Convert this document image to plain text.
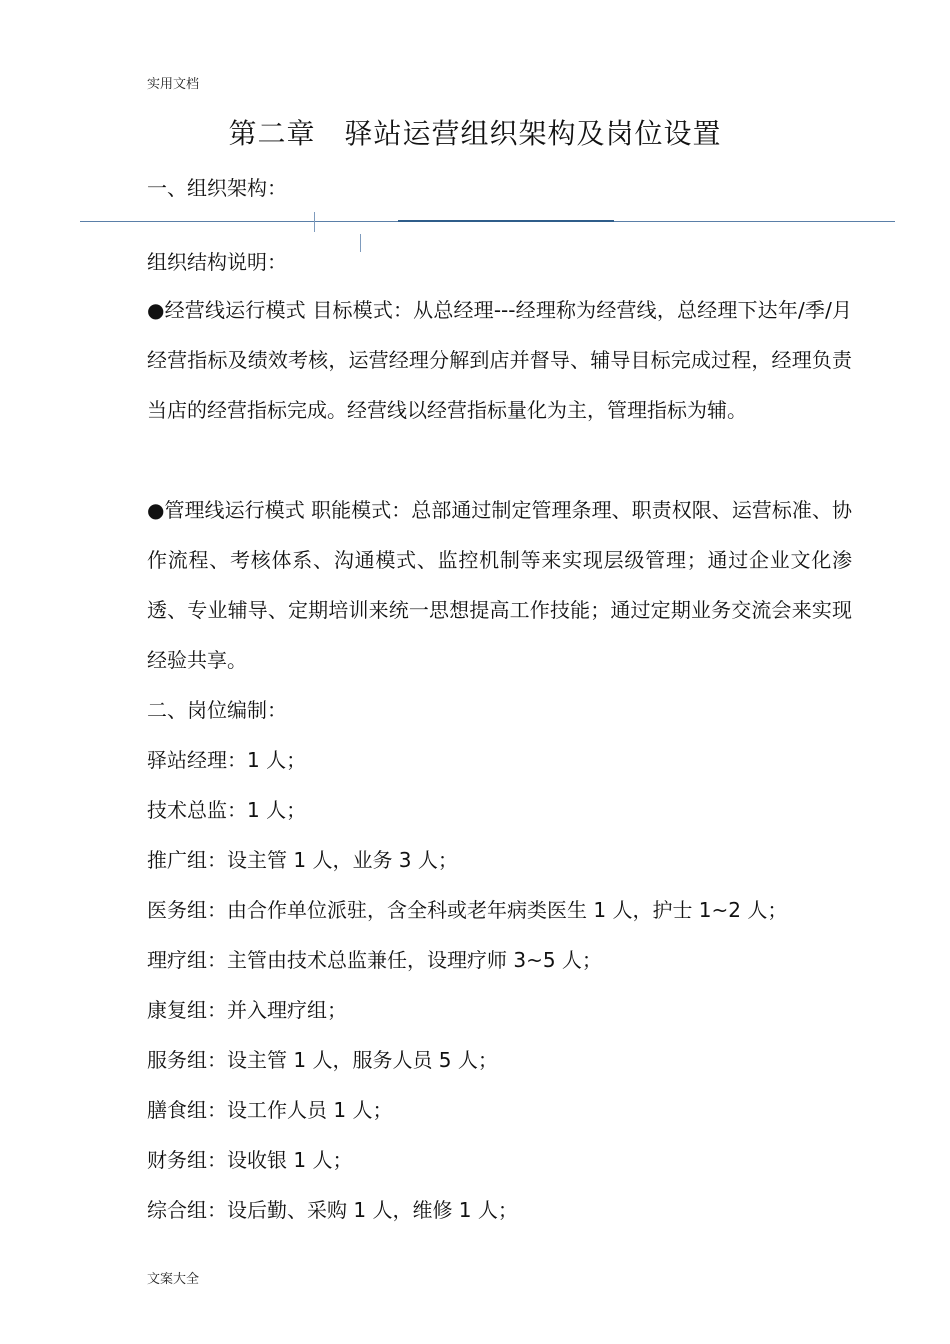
实用文档
第二章　驿站运营组织架构及岗位设置
一、组织架构：
组织结构说明：
●经营线运行模式 目标模式：从总经理---经理称为经营线，总经理下达年/季/月经营指标及绩效考核，运营经理分解到店并督导、辅导目标完成过程，经理负责当店的经营指标完成。经营线以经营指标量化为主，管理指标为辅。
●管理线运行模式 职能模式：总部通过制定管理条理、职责权限、运营标准、协作流程、考核体系、沟通模式、监控机制等来实现层级管理；通过企业文化渗透、专业辅导、定期培训来统一思想提高工作技能；通过定期业务交流会来实现经验共享。
二、岗位编制：
驿站经理：1 人；
技术总监：1 人；
推广组：设主管 1 人，业务 3 人；
医务组：由合作单位派驻，含全科或老年病类医生 1 人，护士 1~2 人；
理疗组：主管由技术总监兼任，设理疗师 3~5 人；
康复组：并入理疗组；
服务组：设主管 1 人，服务人员 5 人；
膳食组：设工作人员 1 人；
财务组：设收银 1 人；
综合组：设后勤、采购 1 人，维修 1 人；
文案大全
